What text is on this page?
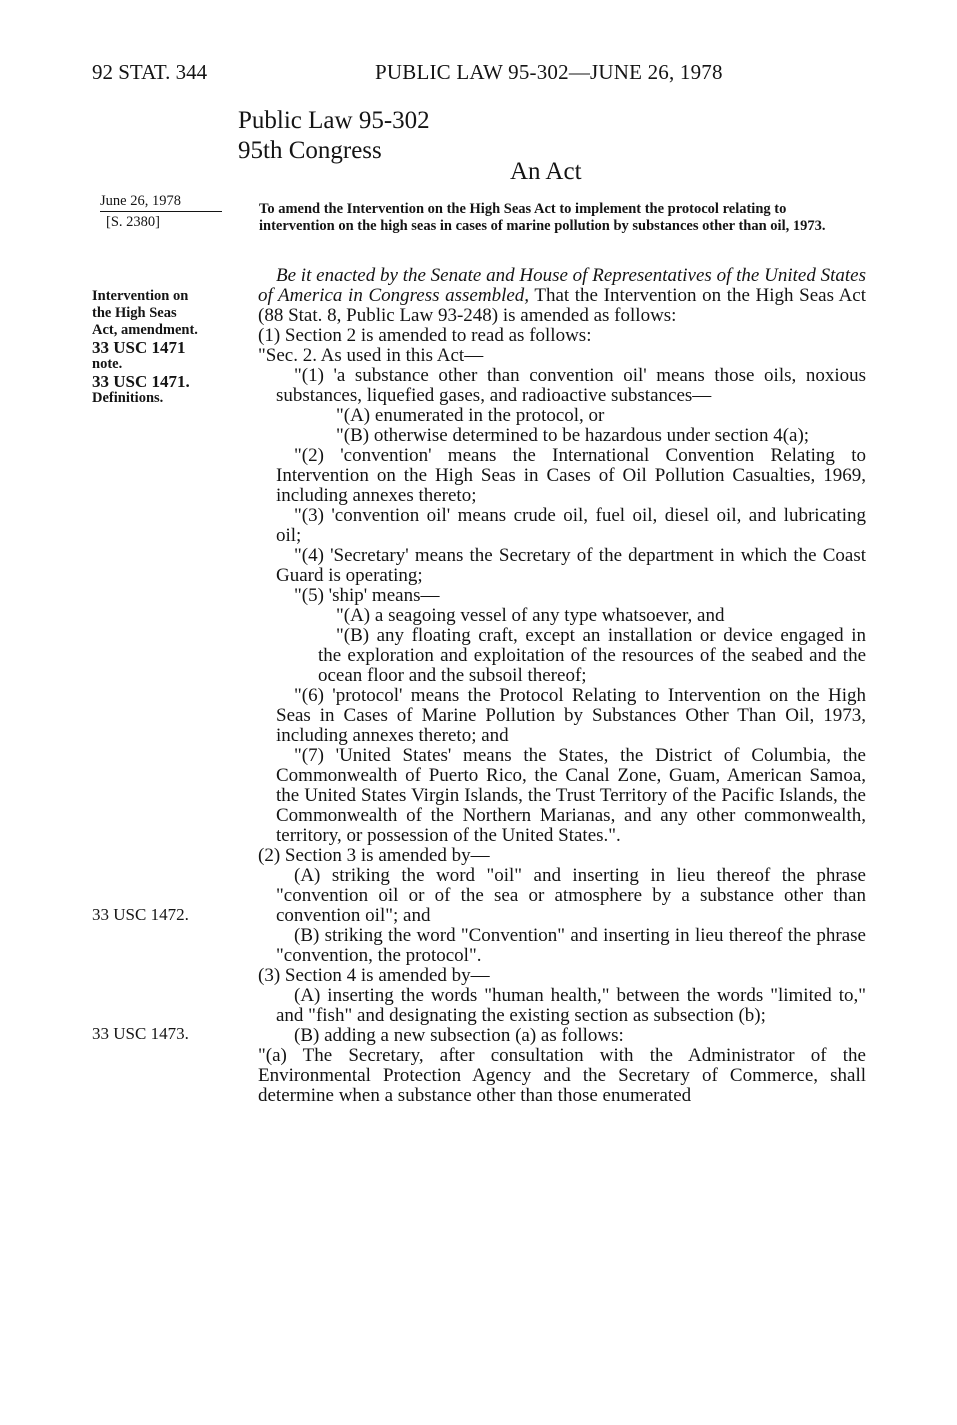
92 STAT. 344	PUBLIC LAW 95-302—JUNE 26, 1978
Public Law 95-302
95th Congress
An Act
June 26, 1978
[S. 2380]
To amend the Intervention on the High Seas Act to implement the protocol relating to intervention on the high seas in cases of marine pollution by substances other than oil, 1973.
Intervention on
the High Seas
Act, amendment.
33 USC 1471
note.
33 USC 1471.
Definitions.
33 USC 1472.
33 USC 1473.

Be it enacted by the Senate and House of Representatives of the United States of America in Congress assembled, That the Intervention on the High Seas Act (88 Stat. 8, Public Law 93-248) is amended as follows:

(1) Section 2 is amended to read as follows:

"Sec. 2. As used in this Act—

"(1) 'a substance other than convention oil' means those oils, noxious substances, liquefied gases, and radioactive substances—

"(A) enumerated in the protocol, or

"(B) otherwise determined to be hazardous under section 4(a);

"(2) 'convention' means the International Convention Relating to Intervention on the High Seas in Cases of Oil Pollution Casualties, 1969, including annexes thereto;

"(3) 'convention oil' means crude oil, fuel oil, diesel oil, and lubricating oil;

"(4) 'Secretary' means the Secretary of the department in which the Coast Guard is operating;

"(5) 'ship' means—

"(A) a seagoing vessel of any type whatsoever, and

"(B) any floating craft, except an installation or device engaged in the exploration and exploitation of the resources of the seabed and the ocean floor and the subsoil thereof;

"(6) 'protocol' means the Protocol Relating to Intervention on the High Seas in Cases of Marine Pollution by Substances Other Than Oil, 1973, including annexes thereto; and

"(7) 'United States' means the States, the District of Columbia, the Commonwealth of Puerto Rico, the Canal Zone, Guam, American Samoa, the United States Virgin Islands, the Trust Territory of the Pacific Islands, the Commonwealth of the Northern Marianas, and any other commonwealth, territory, or possession of the United States.".

(2) Section 3 is amended by—

(A) striking the word "oil" and inserting in lieu thereof the phrase "convention oil or of the sea or atmosphere by a substance other than convention oil"; and

(B) striking the word "Convention" and inserting in lieu thereof the phrase "convention, the protocol".

(3) Section 4 is amended by—

(A) inserting the words "human health," between the words "limited to," and "fish" and designating the existing section as subsection (b);

(B) adding a new subsection (a) as follows:

"(a) The Secretary, after consultation with the Administrator of the Environmental Protection Agency and the Secretary of Commerce, shall determine when a substance other than those enumerated
